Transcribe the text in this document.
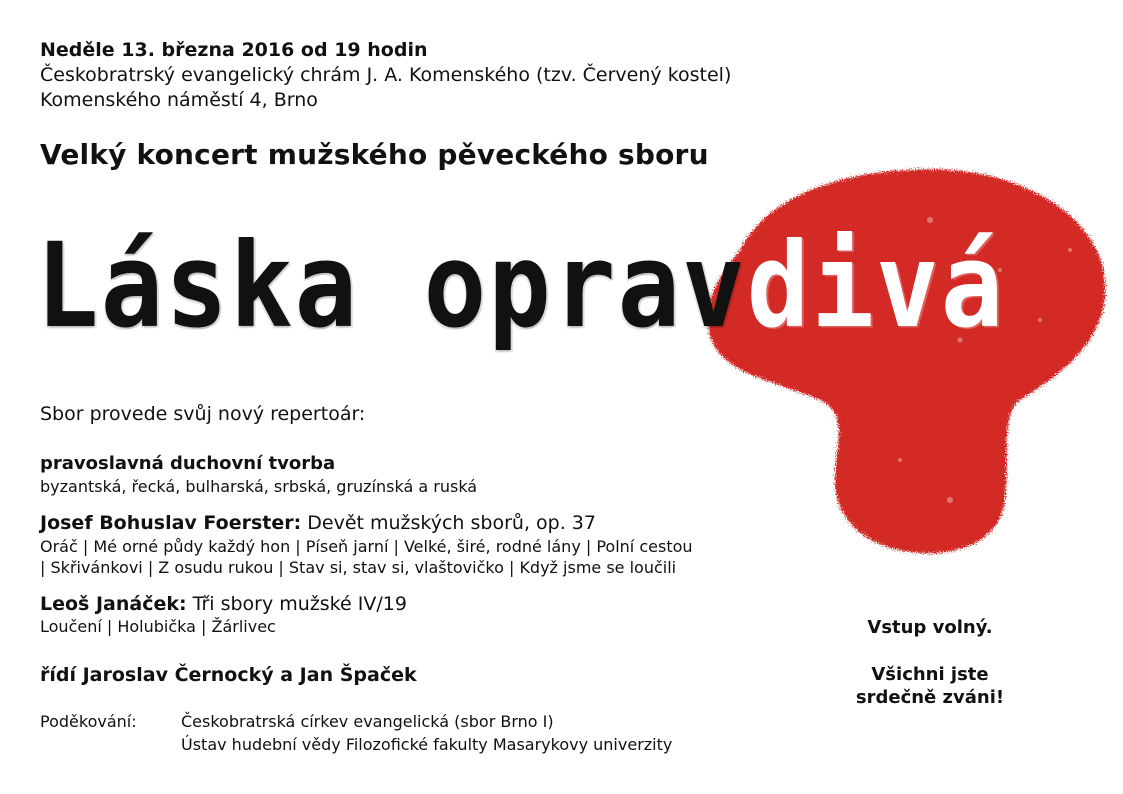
Neděle 13. března 2016 od 19 hodin
Českobratrský evangelický chrám J. A. Komenského (tzv. Červený kostel)
Komenského náměstí 4, Brno
Velký koncert mužského pěveckého sboru
Láska opravdivá
Sbor provede svůj nový repertoár:
pravoslavná duchovní tvorba
byzantská, řecká, bulharská, srbská, gruzínská a ruská
Josef Bohuslav Foerster: Devět mužských sborů, op. 37
Oráč | Mé orné půdy každý hon | Píseň jarní | Velké, širé, rodné lány | Polní cestou
| Skřivánkovi | Z osudu rukou | Stav si, stav si, vlaštovičko | Když jsme se loučili
Leoš Janáček: Tři sbory mužské IV/19
Loučení | Holubička | Žárlivec
řídí Jaroslav Černocký a Jan Špaček
Poděkování:	Českobratrská církev evangelická (sbor Brno I)
Ústav hudební vědy Filozofické fakulty Masarykovy univerzity
Vstup volný.
Všichni jste srdečně zváni!
